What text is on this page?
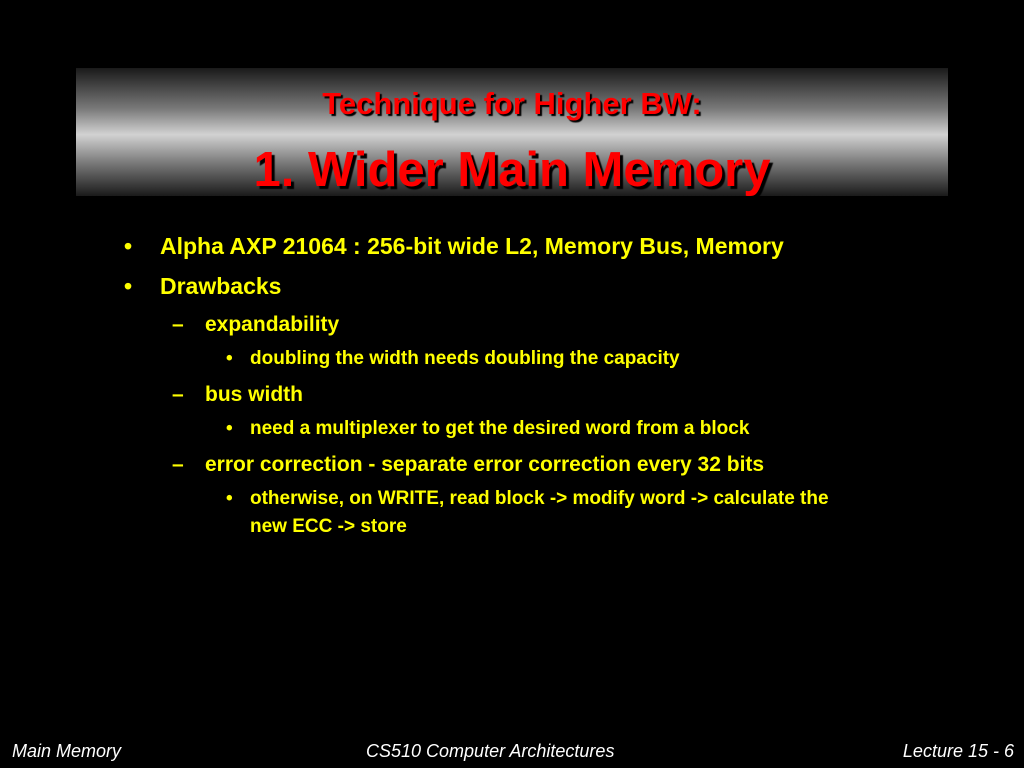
Technique for Higher BW:
1. Wider Main Memory
• Alpha AXP 21064 : 256-bit wide L2, Memory Bus, Memory
• Drawbacks
– expandability
• doubling the width needs doubling the capacity
– bus width
• need a multiplexer to get the desired word from a block
– error correction - separate error correction every 32 bits
• otherwise, on WRITE, read block -> modify word -> calculate the
new ECC -> store
Main Memory	CS510 Computer Architectures	Lecture 15 - 6
